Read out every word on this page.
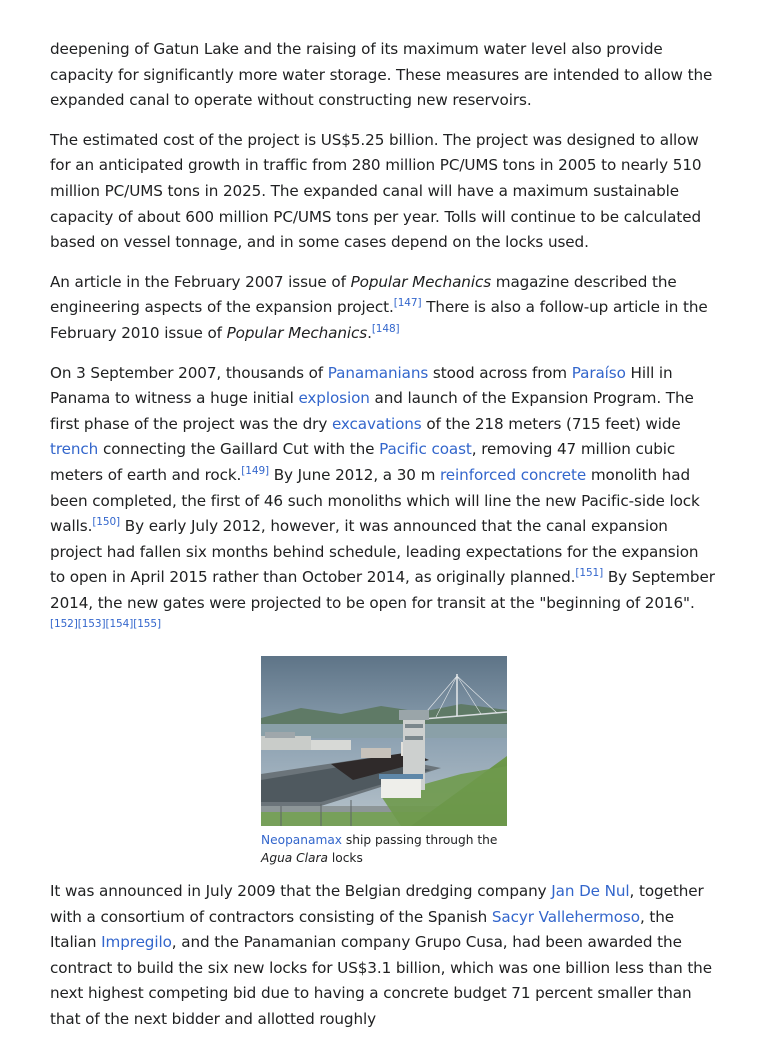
deepening of Gatun Lake and the raising of its maximum water level also provide capacity for significantly more water storage. These measures are intended to allow the expanded canal to operate without constructing new reservoirs.

The estimated cost of the project is US$5.25 billion. The project was designed to allow for an anticipated growth in traffic from 280 million PC/UMS tons in 2005 to nearly 510 million PC/UMS tons in 2025. The expanded canal will have a maximum sustainable capacity of about 600 million PC/UMS tons per year. Tolls will continue to be calculated based on vessel tonnage, and in some cases depend on the locks used.

An article in the February 2007 issue of Popular Mechanics magazine described the engineering aspects of the expansion project.[147] There is also a follow-up article in the February 2010 issue of Popular Mechanics.[148]

On 3 September 2007, thousands of Panamanians stood across from Paraíso Hill in Panama to witness a huge initial explosion and launch of the Expansion Program. The first phase of the project was the dry excavations of the 218 meters (715 feet) wide trench connecting the Gaillard Cut with the Pacific coast, removing 47 million cubic meters of earth and rock.[149] By June 2012, a 30 m reinforced concrete monolith had been completed, the first of 46 such monoliths which will line the new Pacific-side lock walls.[150] By early July 2012, however, it was announced that the canal expansion project had fallen six months behind schedule, leading expectations for the expansion to open in April 2015 rather than October 2014, as originally planned.[151] By September 2014, the new gates were projected to be open for transit at the "beginning of 2016".[152][153][154][155]

Neopanamax ship passing through the
Agua Clara locks

It was announced in July 2009 that the Belgian dredging company Jan De Nul, together with a consortium of contractors consisting of the Spanish Sacyr Vallehermoso, the Italian Impregilo, and the Panamanian company Grupo Cusa, had been awarded the contract to build the six new locks for US$3.1 billion, which was one billion less than the next highest competing bid due to having a concrete budget 71 percent smaller than that of the next bidder and allotted roughly
